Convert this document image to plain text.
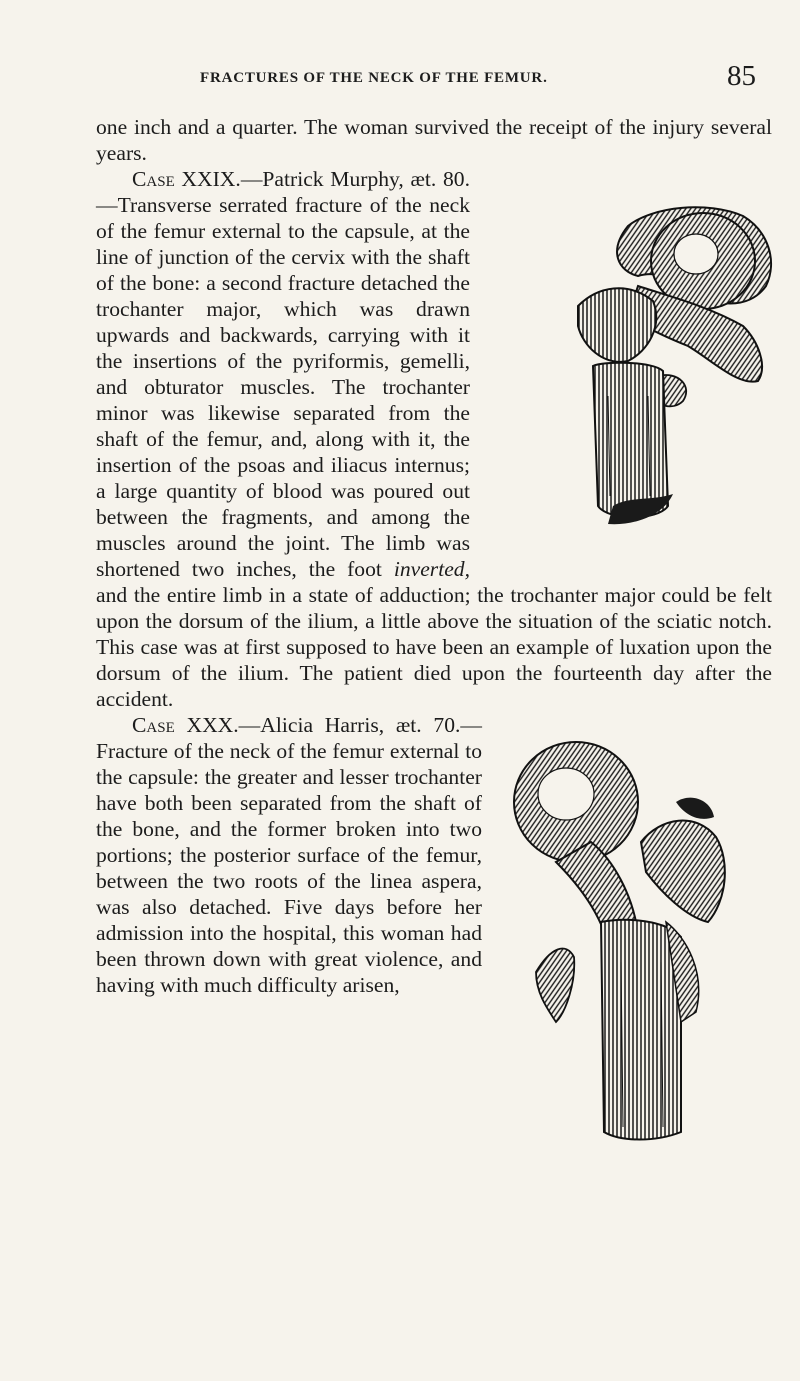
FRACTURES OF THE NECK OF THE FEMUR.	85

one inch and a quarter. The woman survived the receipt of the injury several years.

Case XXIX.
—Patrick Murphy, æt. 80.—Transverse serrated fracture of the neck of the femur external to the capsule, at the line of junction of the cervix with the shaft of the bone: a second fracture detached the trochanter major, which was drawn upwards and backwards, carrying with it the insertions of the pyriformis, gemelli, and obturator muscles. The trochanter minor was likewise separated from the shaft of the femur, and, along with it, the insertion of the psoas and iliacus internus; a large quantity of blood was poured out between the fragments, and among the muscles around the joint. The limb was shortened two inches, the foot inverted, and the entire limb in a state of adduction; the trochanter major could be felt upon the dorsum of the ilium, a little above the situation of the sciatic notch. This case was at first supposed to have been an example of luxation upon the dorsum of the ilium. The patient died upon the fourteenth day after the accident.

Case XXX.
—Alicia Harris, æt. 70.—Fracture of the neck of the femur external to the capsule: the greater and lesser trochanter have both been separated from the shaft of the bone, and the former broken into two portions; the posterior surface of the femur, between the two roots of the linea aspera, was also detached. Five days before her admission into the hospital, this woman had been thrown down with great violence, and having with much difficulty arisen,
